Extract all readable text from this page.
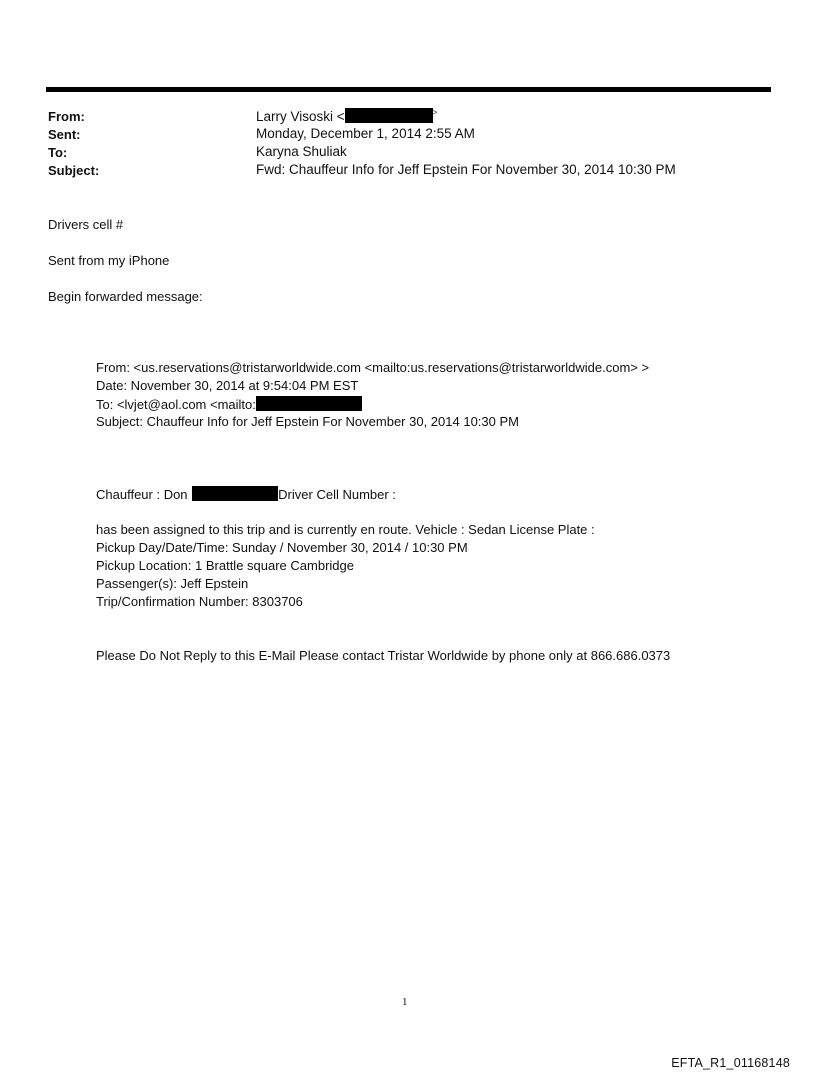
From:	Larry Visoski <	>
Sent:	Monday, December 1, 2014 2:55 AM
To:	Karyna Shuliak
Subject:	Fwd: Chauffeur Info for Jeff Epstein For November 30, 2014 10:30 PM
Drivers cell #
Sent from my iPhone
Begin forwarded message:
From: <us.reservations@tristarworldwide.com <mailto:us.reservations@tristarworldwide.com> >
Date: November 30, 2014 at 9:54:04 PM EST
To: <lvjet@aol.com <mailto:
Subject: Chauffeur Info for Jeff Epstein For November 30, 2014 10:30 PM
Chauffeur : Don	Driver Cell Number :
has been assigned to this trip and is currently en route. Vehicle : Sedan License Plate :
Pickup Day/Date/Time: Sunday / November 30, 2014 / 10:30 PM
Pickup Location: 1 Brattle square Cambridge
Passenger(s): Jeff Epstein
Trip/Confirmation Number: 8303706
Please Do Not Reply to this E-Mail Please contact Tristar Worldwide by phone only at 866.686.0373
1
EFTA_R1_01168148
